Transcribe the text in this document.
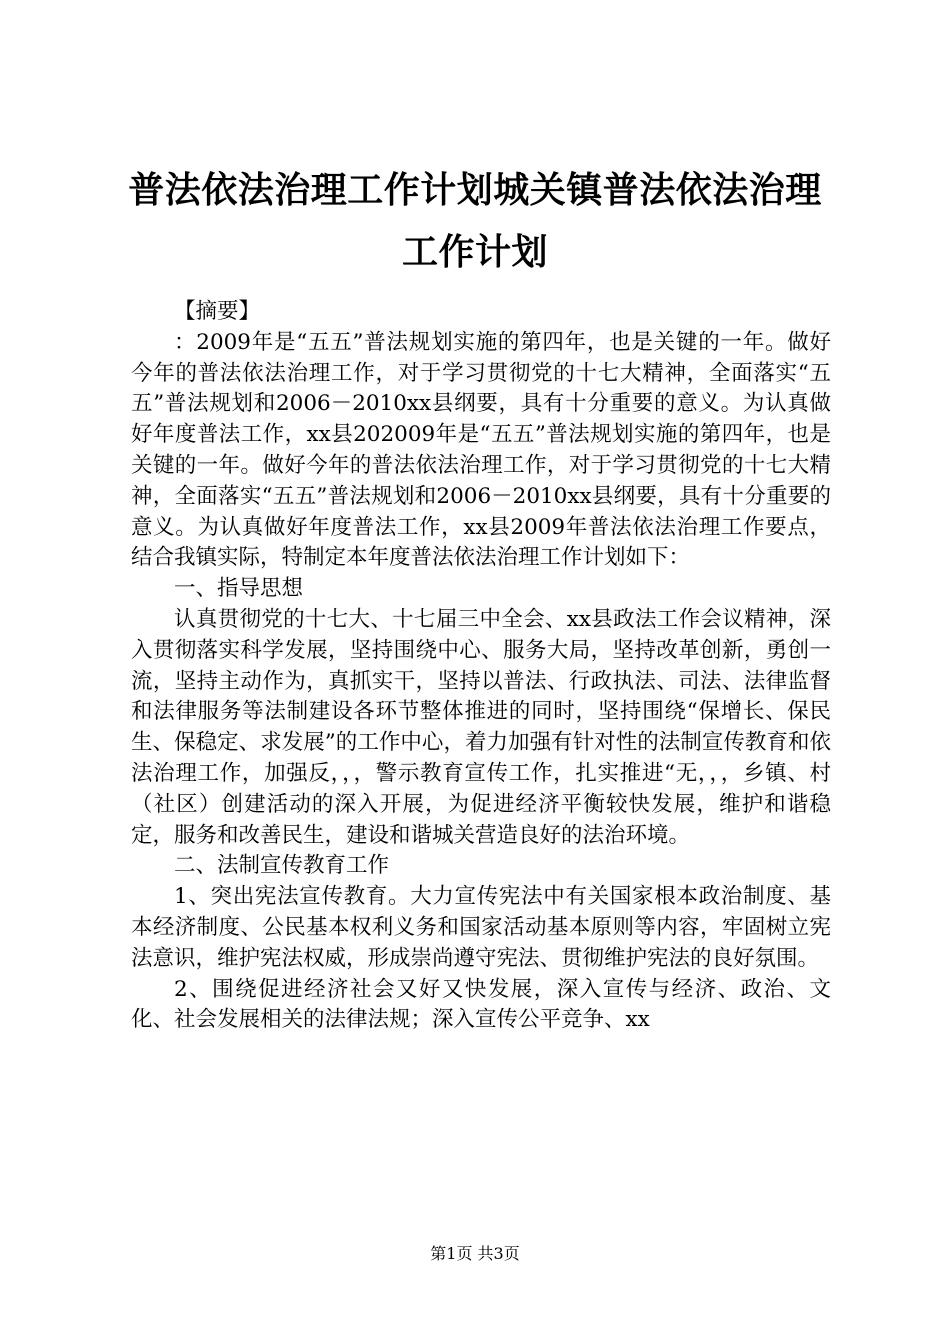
普法依法治理工作计划城关镇普法依法治理工作计划

【摘要】

：2009年是“五五”普法规划实施的第四年，也是关键的一年。做好今年的普法依法治理工作，对于学习贯彻党的十七大精神，全面落实“五五”普法规划和2006－2010xx县纲要，具有十分重要的意义。为认真做好年度普法工作，xx县202009年是“五五”普法规划实施的第四年，也是关键的一年。做好今年的普法依法治理工作，对于学习贯彻党的十七大精神，全面落实“五五”普法规划和2006－2010xx县纲要，具有十分重要的意义。为认真做好年度普法工作，xx县2009年普法依法治理工作要点，结合我镇实际，特制定本年度普法依法治理工作计划如下：

一、指导思想

认真贯彻党的十七大、十七届三中全会、xx县政法工作会议精神，深入贯彻落实科学发展，坚持围绕中心、服务大局，坚持改革创新，勇创一流，坚持主动作为，真抓实干，坚持以普法、行政执法、司法、法律监督和法律服务等法制建设各环节整体推进的同时，坚持围绕“保增长、保民生、保稳定、求发展”的工作中心，着力加强有针对性的法制宣传教育和依法治理工作，加强反，，，警示教育宣传工作，扎实推进“无，，，乡镇、村（社区）创建活动的深入开展，为促进经济平衡较快发展，维护和谐稳定，服务和改善民生，建设和谐城关营造良好的法治环境。

二、法制宣传教育工作

1、突出宪法宣传教育。大力宣传宪法中有关国家根本政治制度、基本经济制度、公民基本权利义务和国家活动基本原则等内容，牢固树立宪法意识，维护宪法权威，形成崇尚遵守宪法、贯彻维护宪法的良好氛围。

2、围绕促进经济社会又好又快发展，深入宣传与经济、政治、文化、社会发展相关的法律法规；深入宣传公平竞争、xx

第1页 共3页
